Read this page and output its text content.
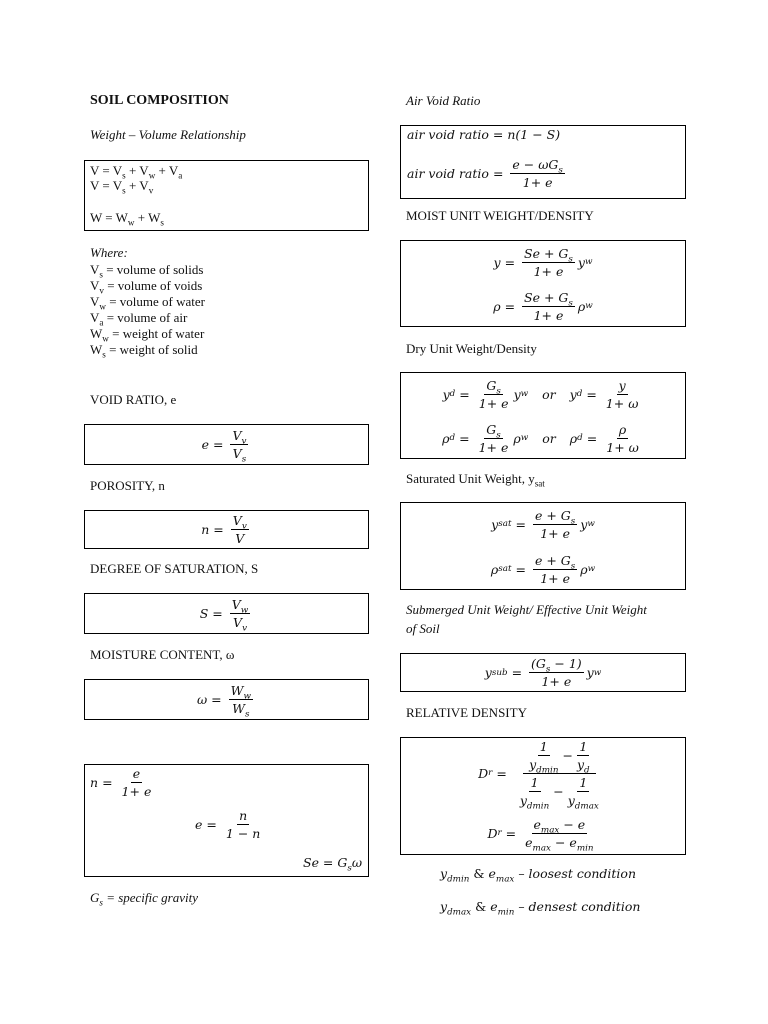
SOIL COMPOSITION
Weight – Volume Relationship
$V = V_s + V_w + V_a$
$V = V_s + V_v$
$W = W_w + W_s$
Where:
$V_s$ = volume of solids
$V_v$ = volume of voids
$V_w$ = volume of water
$V_a$ = volume of air
$W_w$ = weight of water
$W_s$ = weight of solid
VOID RATIO, e
$e = \frac{V_v}{V_s}$
POROSITY, n
$n = \frac{V_v}{V}$
DEGREE OF SATURATION, S
$S = \frac{V_w}{V_v}$
MOISTURE CONTENT, ω
$\omega = \frac{W_w}{W_s}$
$n = \frac{e}{1+ e}$
$e = \frac{n}{1 - n}$
$Se = G_s\omega$
$G_s$ = specific gravity
Air Void Ratio
air void ratio = n(1 − S)
air void ratio = $\frac{e - \omega G_s}{1+ e}$
MOIST UNIT WEIGHT/DENSITY
$y = \frac{Se + G_s}{1+ e}$ y w
$\rho = \frac{Se + G_s}{1+ e}$ ρ w
Dry Unit Weight/Density
y $d = \frac{G_s}{1+ e}$ y w or y $d = \frac{y}{1+ \omega}$
ρ $d = \frac{G_s}{1+ e}$ ρ w or ρ $d = \frac{\rho}{1+ \omega}$
Saturated Unit Weight, $y_{sat}$
y sat = $\frac{e + G_s}{1+ e}$ y w
ρ sat = $\frac{e + G_s}{1+ e}$ ρ w
Submerged Unit Weight/ Effective Unit Weight
of Soil
y sub = $\frac{(G_s - 1)}{1+ e}$ y w
RELATIVE DENSITY
D $r = \frac{\frac{1}{y_{dmin}} - \frac{1}{y_d}}{\frac{1}{y_{dmin}} - \frac{1}{y_{dmax}}}$
D $r = \frac{e_{max} - e}{e_{max} - e_{min}}$
$y_{dmin}$ & $e_{max}$ – loosest condition
$y_{dmax}$ & $e_{min}$ – densest condition
